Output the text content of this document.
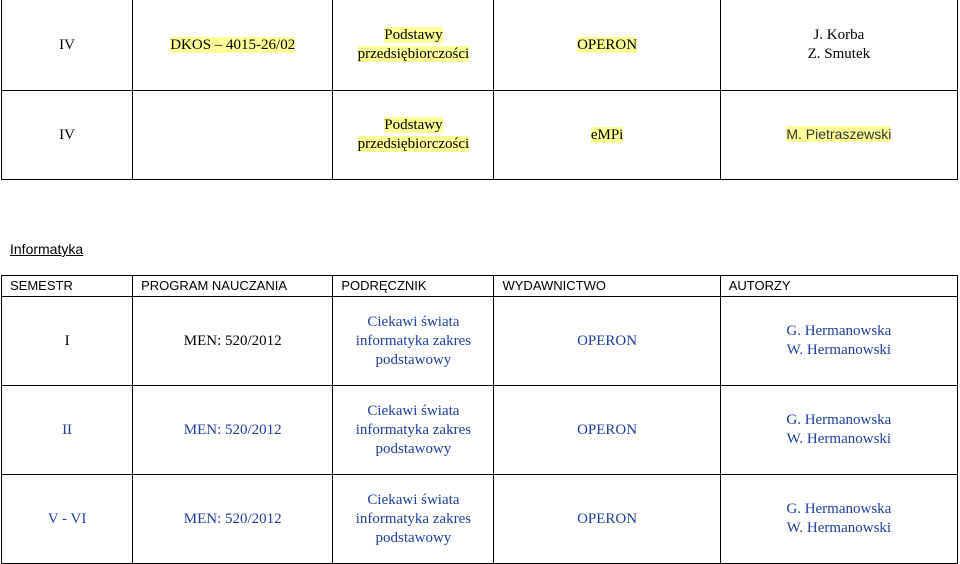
IV	DKOS – 4015-26/02	Podstawy
przedsiębiorczości	OPERON	J. Korba
Z. Smutek

IV		Podstawy
przedsiębiorczości	eMPi	M. Pietraszewski
Informatyka
SEMESTR	PROGRAM NAUCZANIA	PODRĘCZNIK	WYDAWNICTWO	AUTORZY
I	MEN: 520/2012	Ciekawi świata
informatyka zakres
podstawowy	OPERON	G. Hermanowska
W. Hermanowski

II	MEN: 520/2012	Ciekawi świata
informatyka zakres
podstawowy	OPERON	G. Hermanowska
W. Hermanowski

V - VI	MEN: 520/2012	Ciekawi świata
informatyka zakres
podstawowy	OPERON	G. Hermanowska
W. Hermanowski
